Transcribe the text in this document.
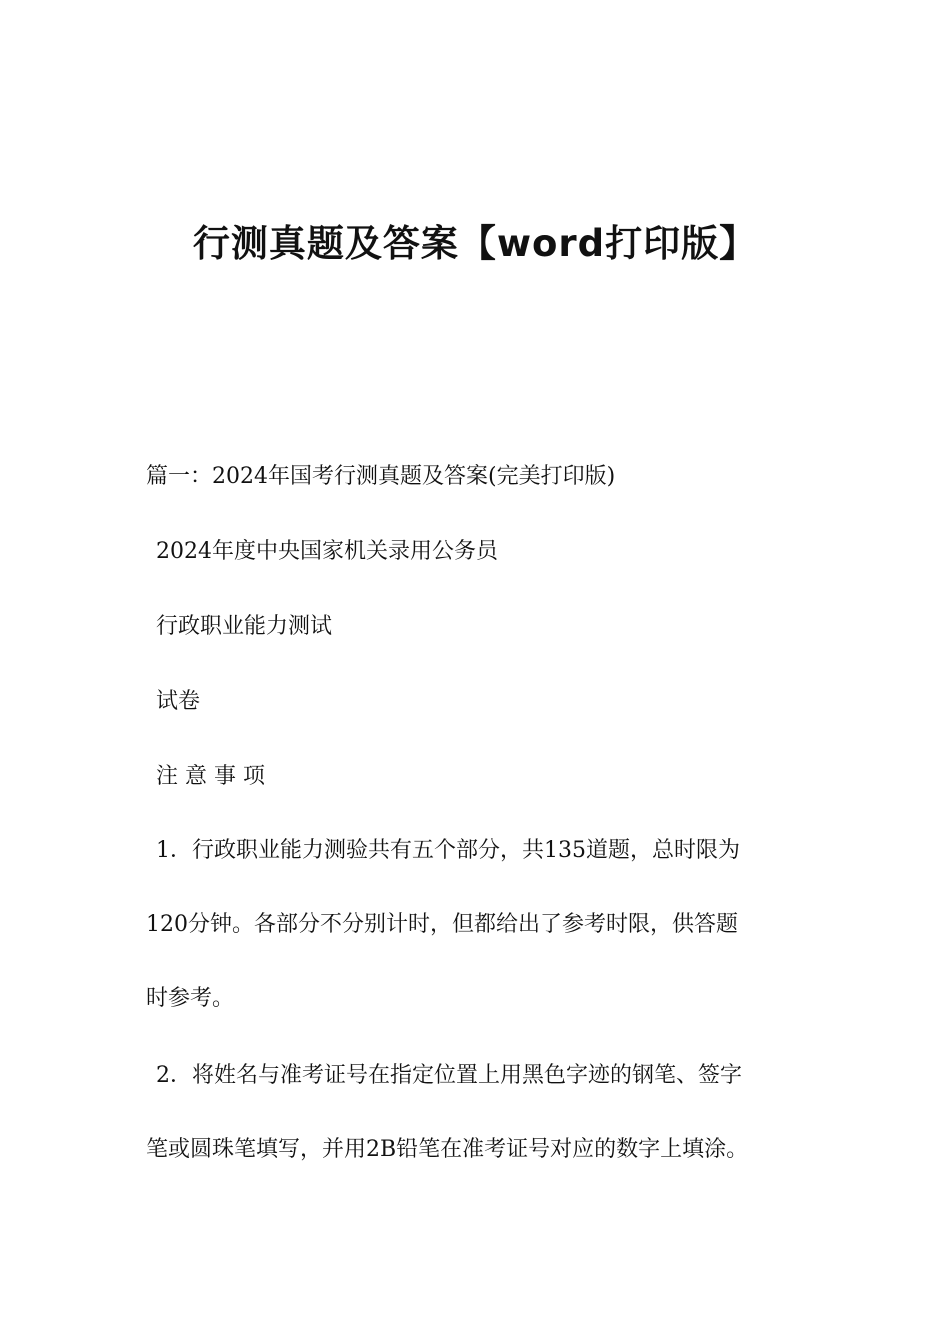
行测真题及答案【word打印版】

篇一：2024年国考行测真题及答案(完美打印版)

2024年度中央国家机关录用公务员

行政职业能力测试

试卷

注 意 事 项

1．行政职业能力测验共有五个部分，共135道题，总时限为

120分钟。各部分不分别计时，但都给出了参考时限，供答题

时参考。

2．将姓名与准考证号在指定位置上用黑色字迹的钢笔、签字

笔或圆珠笔填写，并用2B铅笔在准考证号对应的数字上填涂。
